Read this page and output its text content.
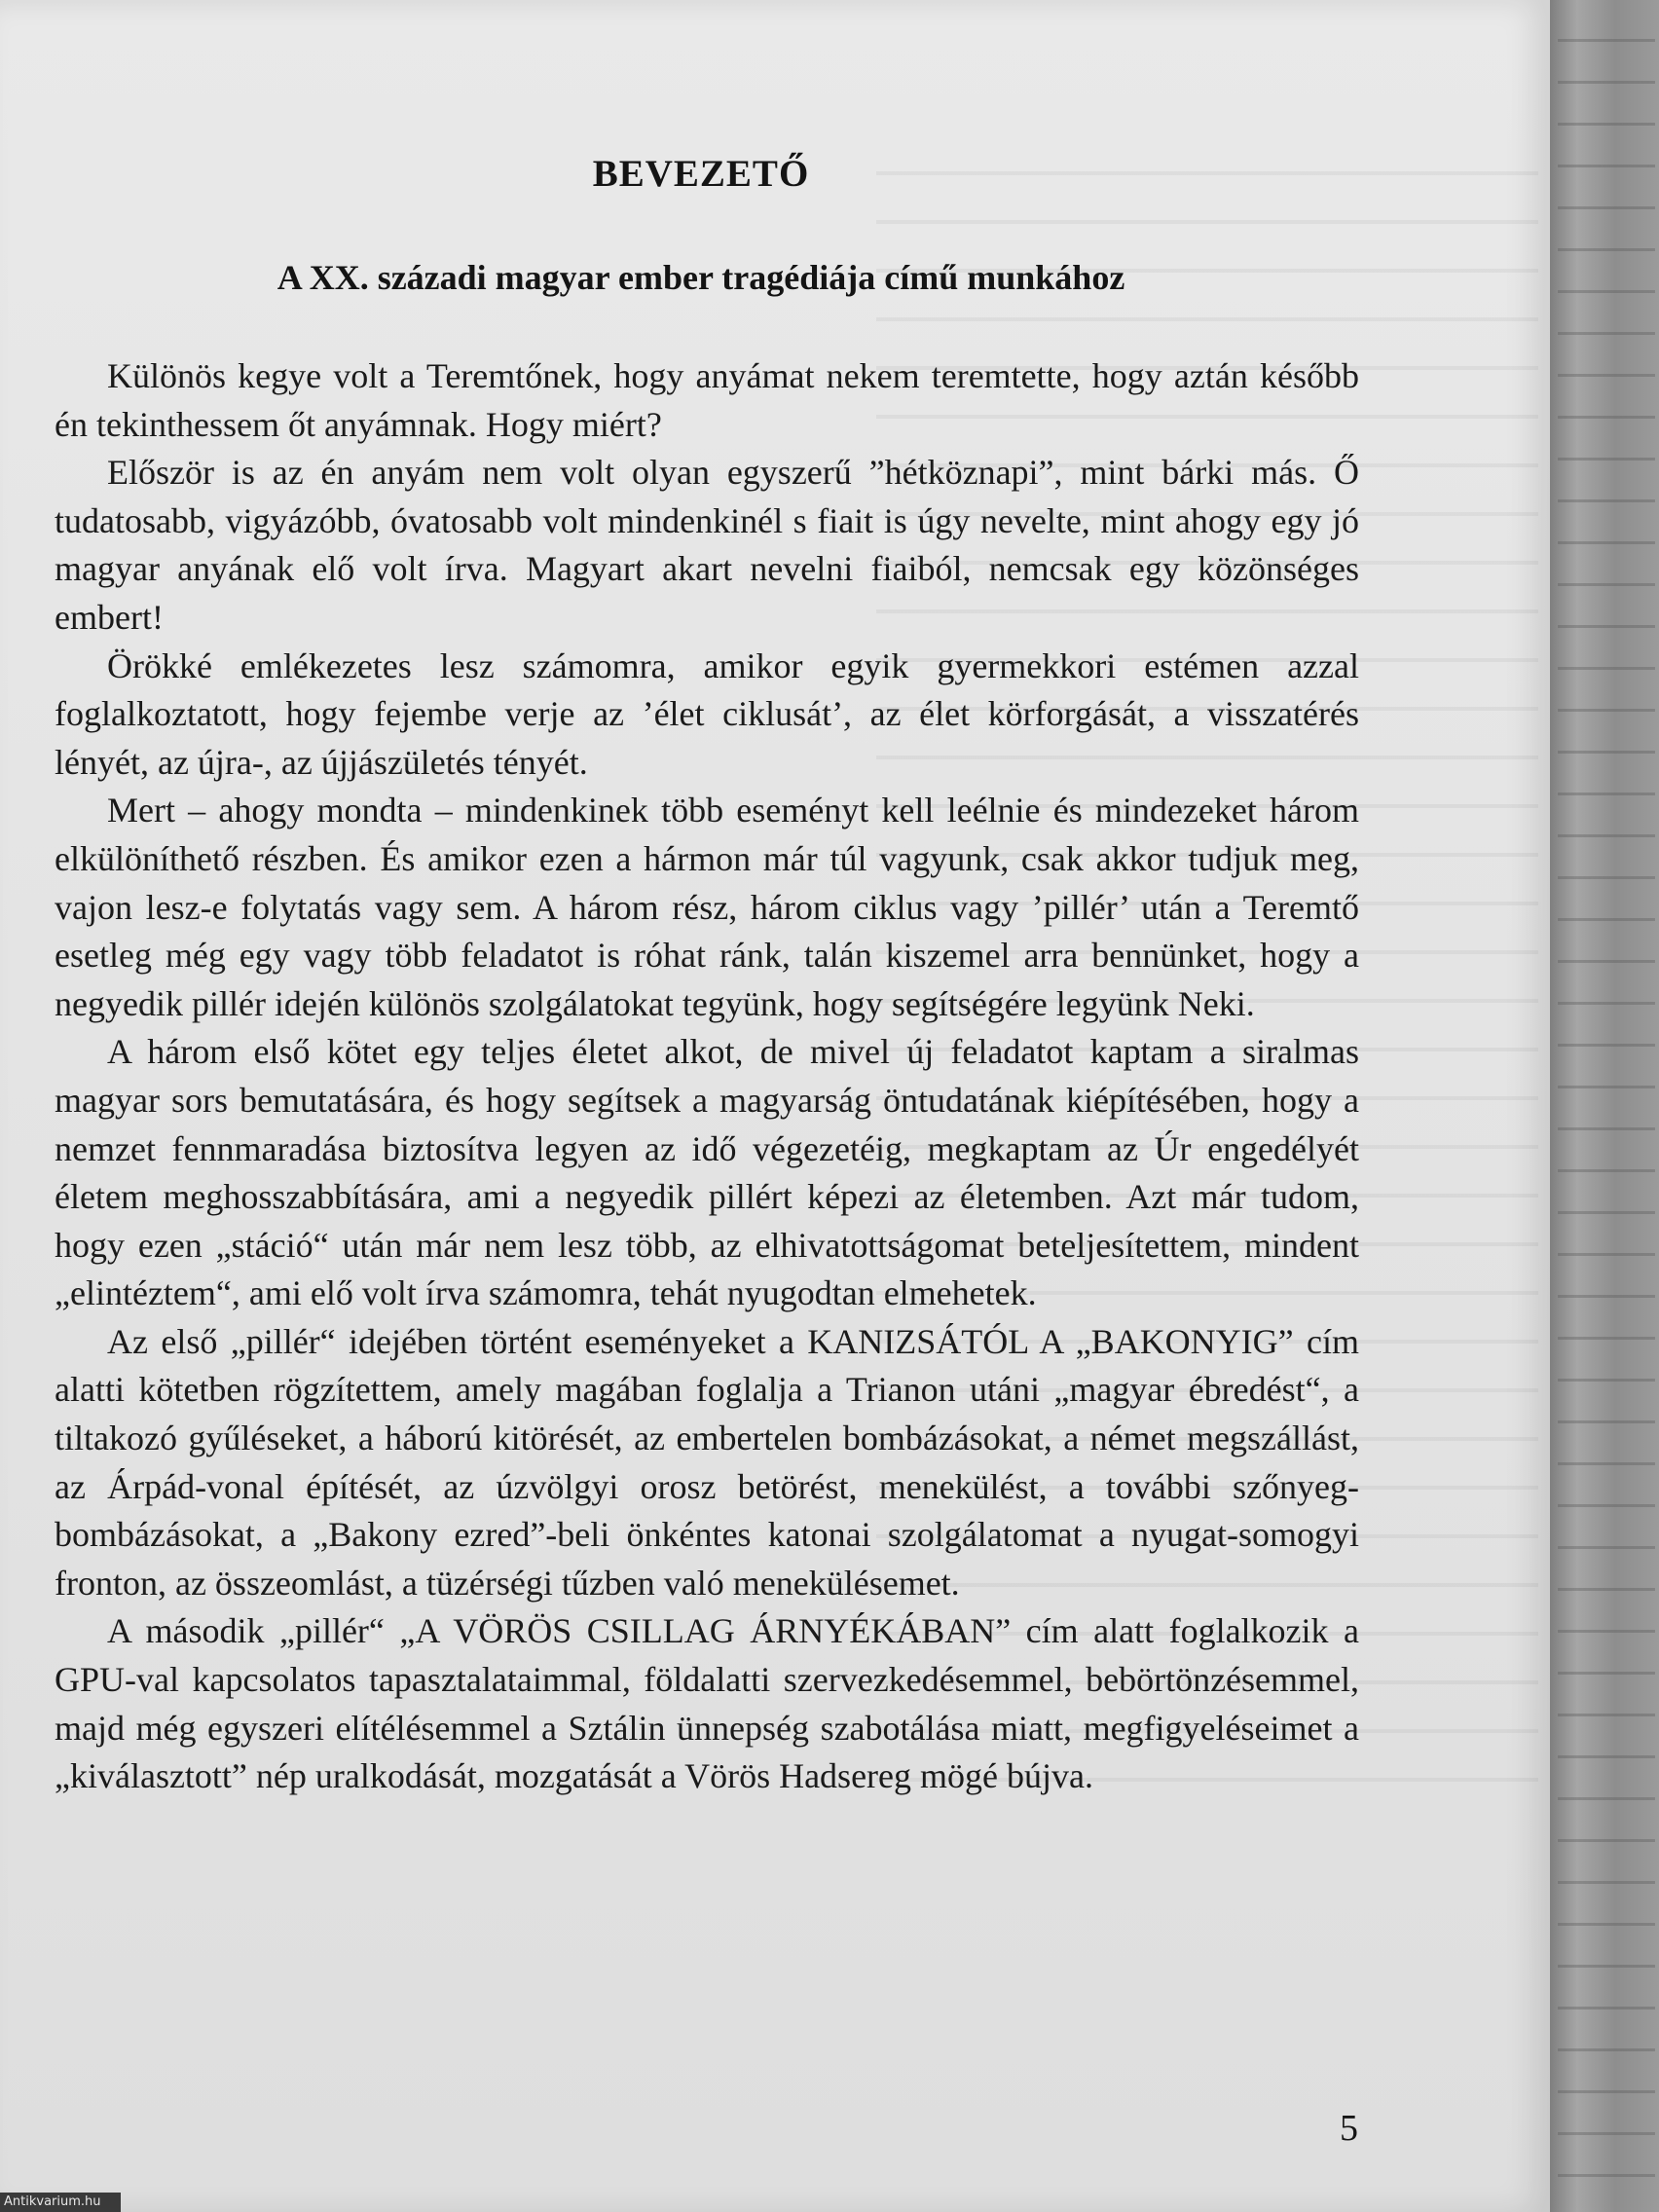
BEVEZETŐ
A XX. századi magyar ember tragédiája című munkához

Különös kegye volt a Teremtőnek, hogy anyámat nekem teremtette, hogy aztán később én tekinthessem őt anyámnak. Hogy miért?

Először is az én anyám nem volt olyan egyszerű ”hétköznapi”, mint bárki más. Ő tudatosabb, vigyázóbb, óvatosabb volt mindenkinél s fiait is úgy nevelte, mint ahogy egy jó magyar anyának elő volt írva. Magyart akart nevelni fiaiból, nemcsak egy közönséges embert!

Örökké emlékezetes lesz számomra, amikor egyik gyermekkori estémen azzal foglalkoztatott, hogy fejembe verje az ’élet ciklusát’, az élet körforgását, a visszatérés lényét, az újra-, az újjászületés tényét.

Mert – ahogy mondta – mindenkinek több eseményt kell leélnie és mindezeket három elkülöníthető részben. És amikor ezen a hármon már túl vagyunk, csak akkor tudjuk meg, vajon lesz-e folytatás vagy sem. A három rész, három ciklus vagy ’pillér’ után a Teremtő esetleg még egy vagy több feladatot is róhat ránk, talán kiszemel arra bennünket, hogy a negyedik pillér idején különös szolgálatokat tegyünk, hogy segítségére legyünk Neki.

A három első kötet egy teljes életet alkot, de mivel új feladatot kaptam a siralmas magyar sors bemutatására, és hogy segítsek a magyarság öntudatának kiépítésében, hogy a nemzet fennmaradása biztosítva legyen az idő végezetéig, megkaptam az Úr engedélyét életem meghosszabbítására, ami a negyedik pillért képezi az életemben. Azt már tudom, hogy ezen „stáció“ után már nem lesz több, az elhivatottságomat beteljesítettem, mindent „elintéztem“, ami elő volt írva számomra, tehát nyugodtan elmehetek.

Az első „pillér“ idejében történt eseményeket a KANIZSÁTÓL A „BAKONYIG” cím alatti kötetben rögzítettem, amely magában foglalja a Trianon utáni „magyar ébredést“, a tiltakozó gyűléseket, a háború kitörését, az embertelen bombázásokat, a német megszállást, az Árpád-vonal építését, az úzvölgyi orosz betörést, menekülést, a további szőnyeg-bombázásokat, a „Bakony ezred”-beli önkéntes katonai szolgálatomat a nyugat-somogyi fronton, az összeomlást, a tüzérségi tűzben való menekülésemet.

A második „pillér“ „A VÖRÖS CSILLAG ÁRNYÉKÁBAN” cím alatt foglalkozik a GPU-val kapcsolatos tapasztalataimmal, földalatti szervezkedésemmel, bebörtönzésemmel, majd még egyszeri elítélésemmel a Sztálin ünnepség szabotálása miatt, megfigyeléseimet a „kiválasztott” nép uralkodását, mozgatását a Vörös Hadsereg mögé bújva.

5
Antikvarium.hu
